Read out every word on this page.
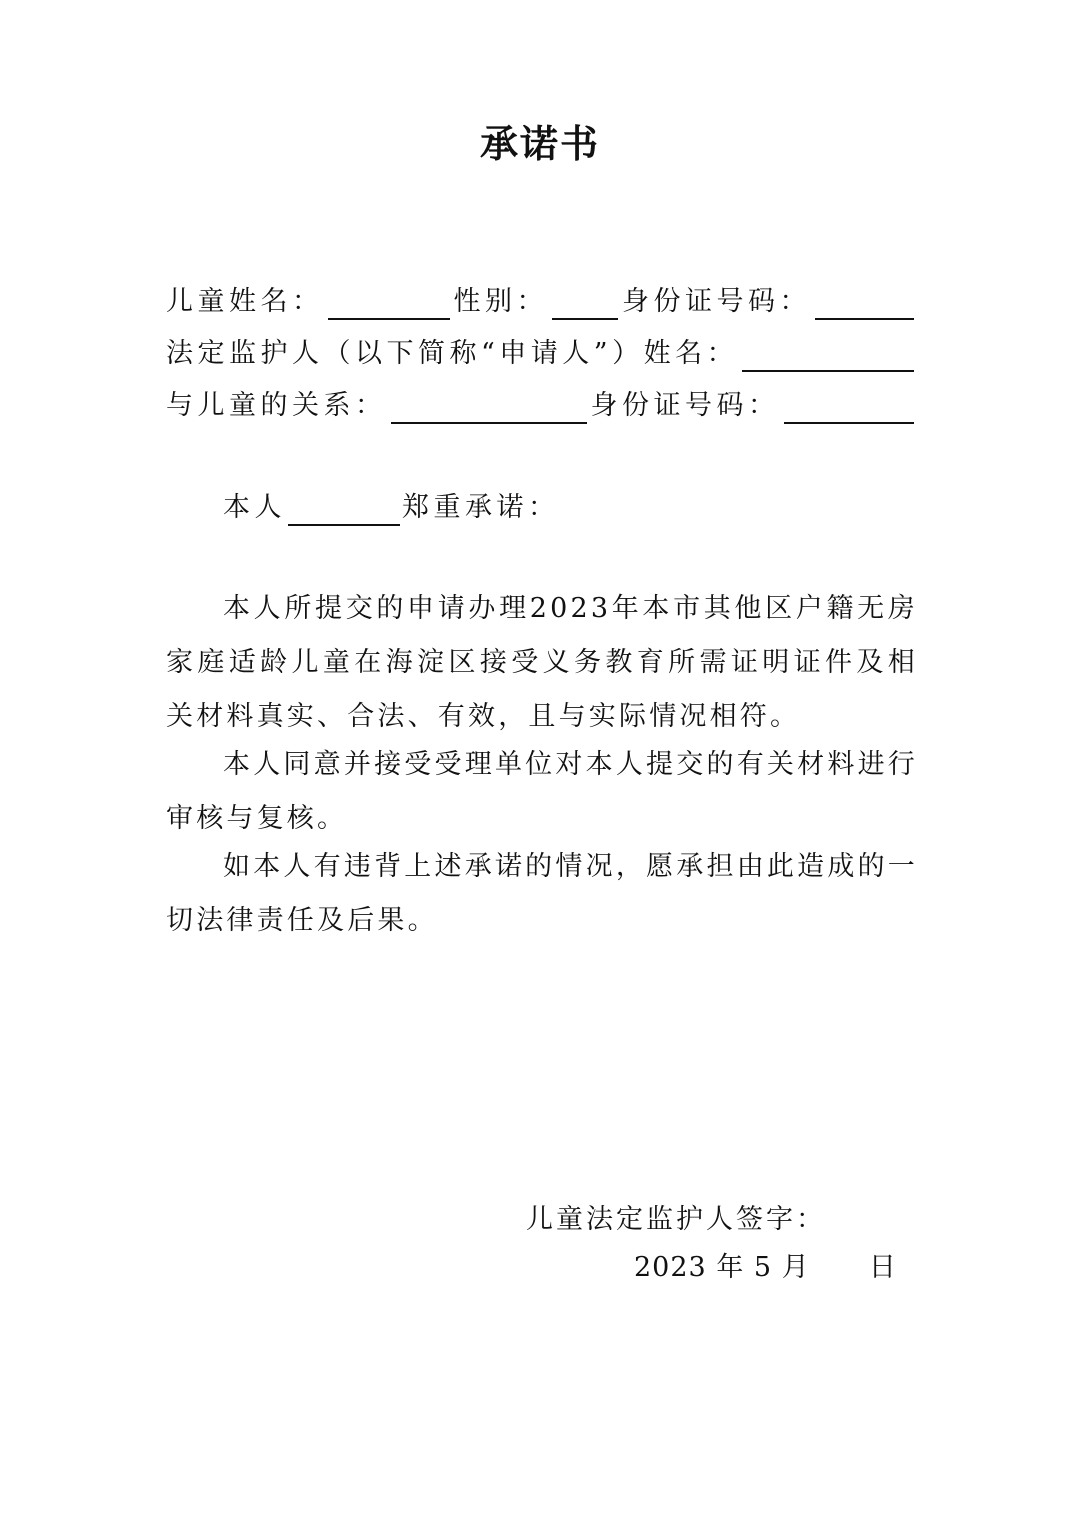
承诺书
儿童姓名：	性别：	身份证号码：
法定监护人（以下简称“申请人”）姓名：
与儿童的关系：	身份证号码：
本人	郑重承诺：

本人所提交的申请办理2023年本市其他区户籍无房家庭适龄儿童在海淀区接受义务教育所需证明证件及相关材料真实、合法、有效，且与实际情况相符。

本人同意并接受受理单位对本人提交的有关材料进行审核与复核。

如本人有违背上述承诺的情况，愿承担由此造成的一切法律责任及后果。

儿童法定监护人签字：
2023 年 5 月 日
